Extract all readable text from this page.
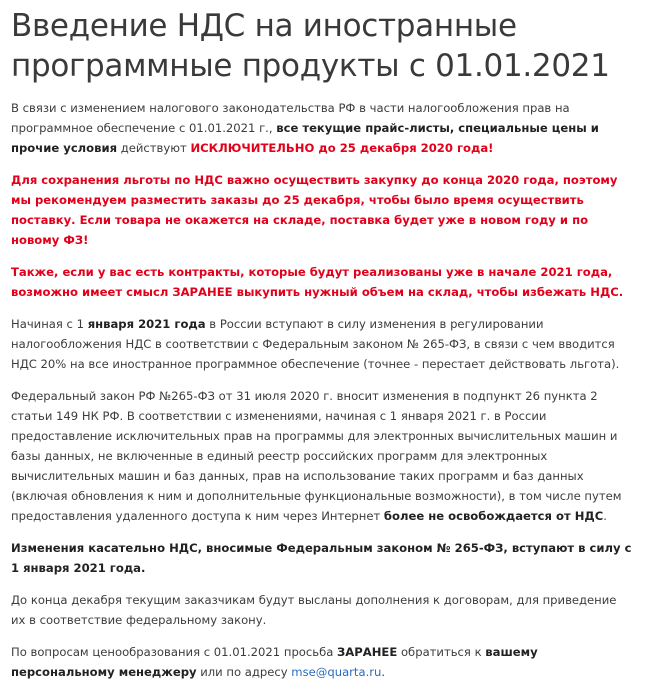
Введение НДС на иностранные программные продукты с 01.01.2021

В связи с изменением налогового законодательства РФ в части налогообложения прав на программное обеспечение с 01.01.2021 г., все текущие прайс-листы, специальные цены и прочие условия действуют ИСКЛЮЧИТЕЛЬНО до 25 декабря 2020 года!

Для сохранения льготы по НДС важно осуществить закупку до конца 2020 года, поэтому мы рекомендуем разместить заказы до 25 декабря, чтобы было время осуществить поставку. Если товара не окажется на складе, поставка будет уже в новом году и по новому ФЗ!

Также, если у вас есть контракты, которые будут реализованы уже в начале 2021 года, возможно имеет смысл ЗАРАНЕЕ выкупить нужный объем на склад, чтобы избежать НДС.

Начиная с 1 января 2021 года в России вступают в силу изменения в регулировании налогообложения НДС в соответствии с Федеральным законом № 265-ФЗ, в связи с чем вводится НДС 20% на все иностранное программное обеспечение (точнее - перестает действовать льгота).

Федеральный закон РФ №265-ФЗ от 31 июля 2020 г. вносит изменения в подпункт 26 пункта 2 статьи 149 НК РФ. В соответствии с изменениями, начиная с 1 января 2021 г. в России предоставление исключительных прав на программы для электронных вычислительных машин и базы данных, не включенные в единый реестр российских программ для электронных вычислительных машин и баз данных, прав на использование таких программ и баз данных (включая обновления к ним и дополнительные функциональные возможности), в том числе путем предоставления удаленного доступа к ним через Интернет более не освобождается от НДС.

Изменения касательно НДС, вносимые Федеральным законом № 265-ФЗ, вступают в силу с 1 января 2021 года.

До конца декабря текущим заказчикам будут высланы дополнения к договорам, для приведение их в соответствие федеральному закону.

По вопросам ценообразования с 01.01.2021 просьба ЗАРАНЕЕ обратиться к вашему персональному менеджеру или по адресу mse@quarta.ru.
